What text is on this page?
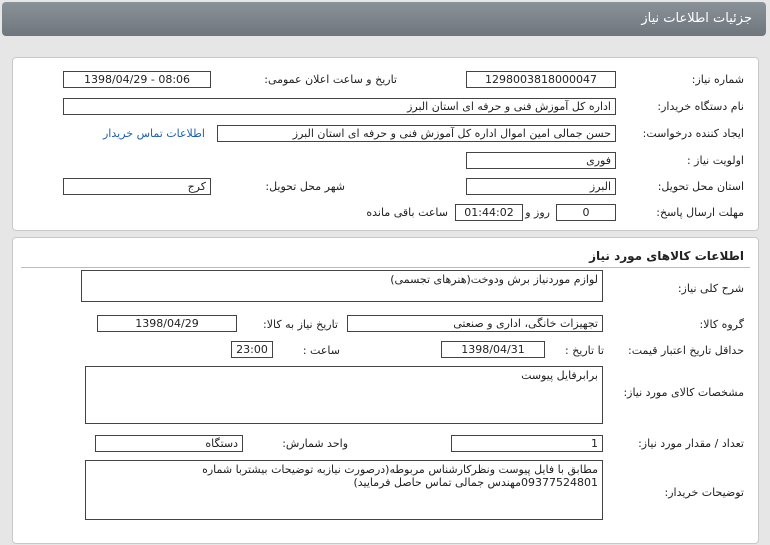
جزئیات اطلاعات نیاز
شماره نیاز:
1298003818000047
تاریخ و ساعت اعلان عمومی:
1398/04/29 - 08:06
نام دستگاه خریدار:
اداره کل آموزش فنی و حرفه ای استان البرز
ایجاد کننده درخواست:
حسن جمالی امین اموال اداره کل آموزش فنی و حرفه ای استان البرز
اطلاعات تماس خریدار
اولویت نیاز :
فوری
استان محل تحویل:
البرز
شهر محل تحویل:
کرج
مهلت ارسال پاسخ:
0
روز و
01:44:02
ساعت باقی مانده
اطلاعات کالاهای مورد نیاز
شرح کلی نیاز:
لوازم موردنیاز برش ودوخت(هنرهای تجسمی)
گروه کالا:
تجهیزات خانگی، اداری و صنعتی
تاریخ نیاز به کالا:
1398/04/29
حداقل تاریخ اعتبار قیمت:
تا تاریخ :
1398/04/31
ساعت :
23:00
مشخصات کالای مورد نیاز:
برابرفایل پیوست
تعداد / مقدار مورد نیاز:
1
واحد شمارش:
دستگاه
توضیحات خریدار:
مطابق با فایل پیوست ونظرکارشناس مربوطه(درصورت نیازبه توضیحات بیشتربا شماره 09377524801مهندس جمالی تماس حاصل فرمایید)
